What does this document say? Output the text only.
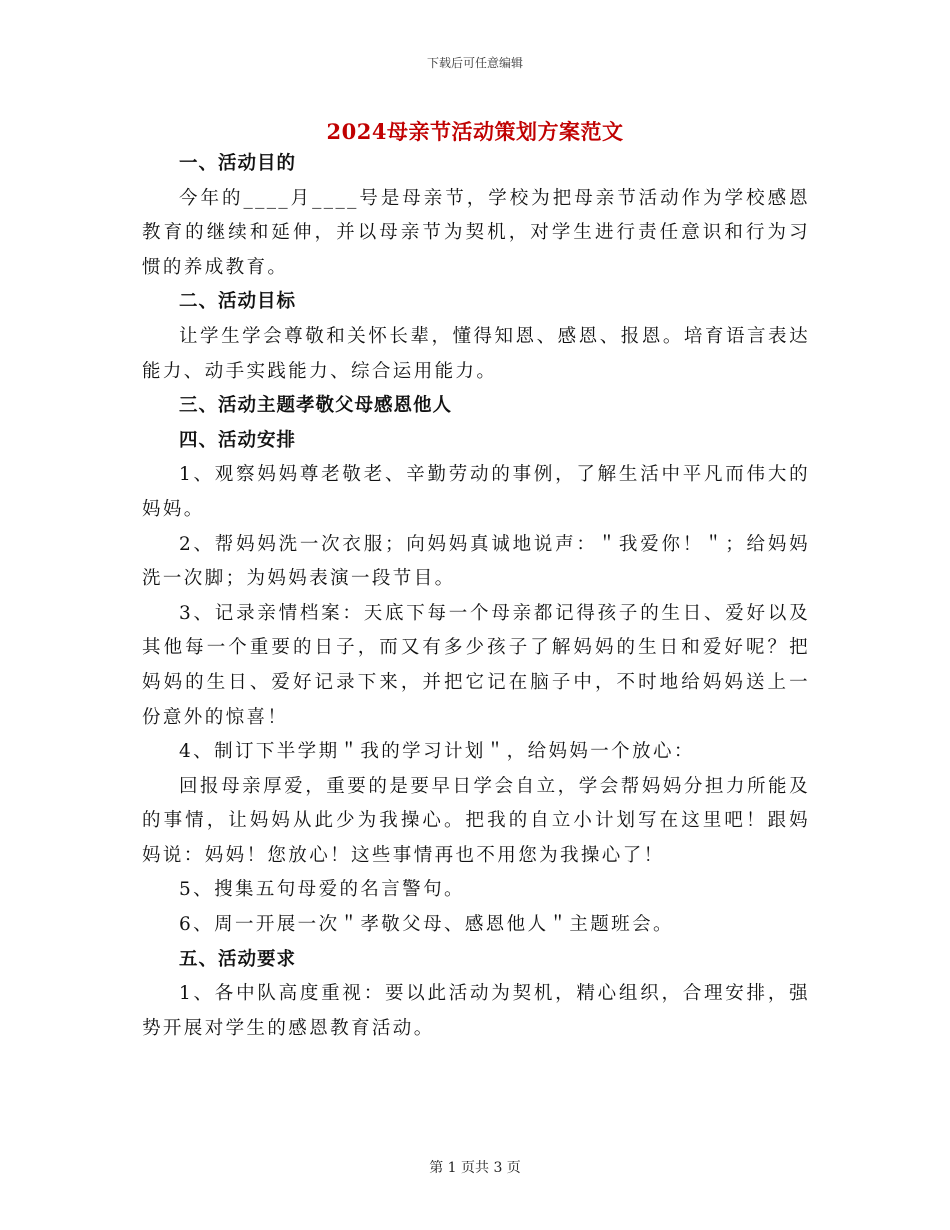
下载后可任意编辑
2024母亲节活动策划方案范文

一、活动目的

今年的____月____号是母亲节，学校为把母亲节活动作为学校感恩教育的继续和延伸，并以母亲节为契机，对学生进行责任意识和行为习惯的养成教育。

二、活动目标

让学生学会尊敬和关怀长辈，懂得知恩、感恩、报恩。培育语言表达能力、动手实践能力、综合运用能力。

三、活动主题孝敬父母感恩他人

四、活动安排

1、观察妈妈尊老敬老、辛勤劳动的事例，了解生活中平凡而伟大的妈妈。

2、帮妈妈洗一次衣服；向妈妈真诚地说声：＂我爱你！＂；给妈妈洗一次脚；为妈妈表演一段节目。

3、记录亲情档案：天底下每一个母亲都记得孩子的生日、爱好以及其他每一个重要的日子，而又有多少孩子了解妈妈的生日和爱好呢？把妈妈的生日、爱好记录下来，并把它记在脑子中，不时地给妈妈送上一份意外的惊喜！

4、制订下半学期＂我的学习计划＂，给妈妈一个放心：

回报母亲厚爱，重要的是要早日学会自立，学会帮妈妈分担力所能及的事情，让妈妈从此少为我操心。把我的自立小计划写在这里吧！跟妈妈说：妈妈！您放心！这些事情再也不用您为我操心了！

5、搜集五句母爱的名言警句。

6、周一开展一次＂孝敬父母、感恩他人＂主题班会。

五、活动要求

1、各中队高度重视：要以此活动为契机，精心组织，合理安排，强势开展对学生的感恩教育活动。

第 1 页共 3 页
